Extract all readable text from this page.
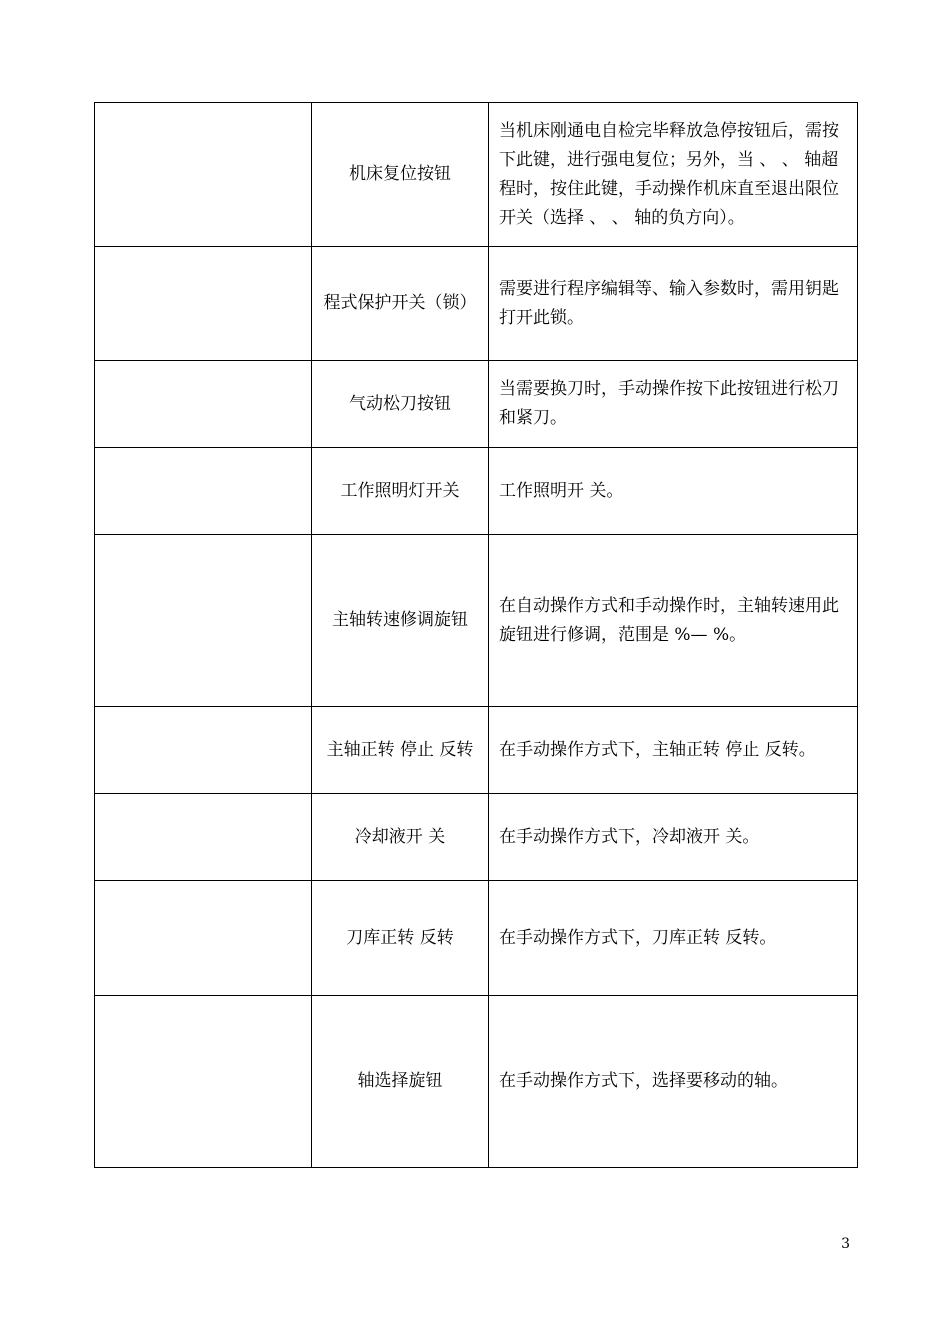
	机床复位按钮	当机床刚通电自检完毕释放急停按钮后，需按下此键，进行强电复位；另外，当 、 、 轴超程时，按住此键，手动操作机床直至退出限位开关（选择 、 、 轴的负方向）。
	程式保护开关（锁）	需要进行程序编辑等、输入参数时，需用钥匙打开此锁。
	气动松刀按钮	当需要换刀时，手动操作按下此按钮进行松刀和紧刀。
	工作照明灯开关	工作照明开 关。
	主轴转速修调旋钮	在自动操作方式和手动操作时，主轴转速用此旋钮进行修调，范围是 %— %。
	主轴正转 停止 反转	在手动操作方式下，主轴正转 停止 反转。
	冷却液开 关	在手动操作方式下，冷却液开 关。
	刀库正转 反转	在手动操作方式下，刀库正转 反转。
	轴选择旋钮	在手动操作方式下，选择要移动的轴。
3
